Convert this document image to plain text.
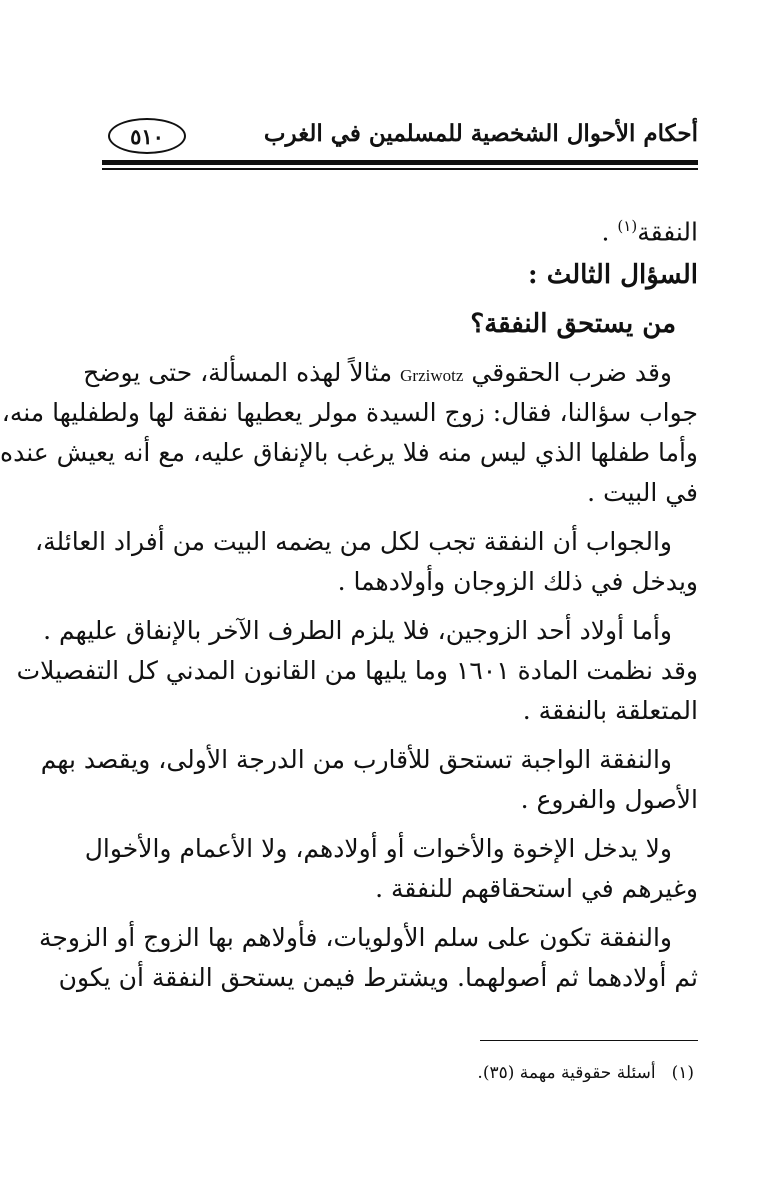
أحكام الأحوال الشخصية للمسلمين في الغرب
٥١٠
النفقة$^{(١)}$ .
السؤال الثالث :
من يستحق النفقة؟
وقد ضرب الحقوقي Grziwotz مثالاً لهذه المسألة، حتى يوضح
جواب سؤالنا، فقال: زوج السيدة مولر يعطيها نفقة لها ولطفليها منه،
وأما طفلها الذي ليس منه فلا يرغب بالإنفاق عليه، مع أنه يعيش عنده
في البيت .
والجواب أن النفقة تجب لكل من يضمه البيت من أفراد العائلة،
ويدخل في ذلك الزوجان وأولادهما .
وأما أولاد أحد الزوجين، فلا يلزم الطرف الآخر بالإنفاق عليهم .
وقد نظمت المادة ١٦٠١ وما يليها من القانون المدني كل التفصيلات
المتعلقة بالنفقة .
والنفقة الواجبة تستحق للأقارب من الدرجة الأولى، ويقصد بهم
الأصول والفروع .
ولا يدخل الإخوة والأخوات أو أولادهم، ولا الأعمام والأخوال
وغيرهم في استحقاقهم للنفقة .
والنفقة تكون على سلم الأولويات، فأولاهم بها الزوج أو الزوجة
ثم أولادهما ثم أصولهما. ويشترط فيمن يستحق النفقة أن يكون
(١)أسئلة حقوقية مهمة (٣٥).
